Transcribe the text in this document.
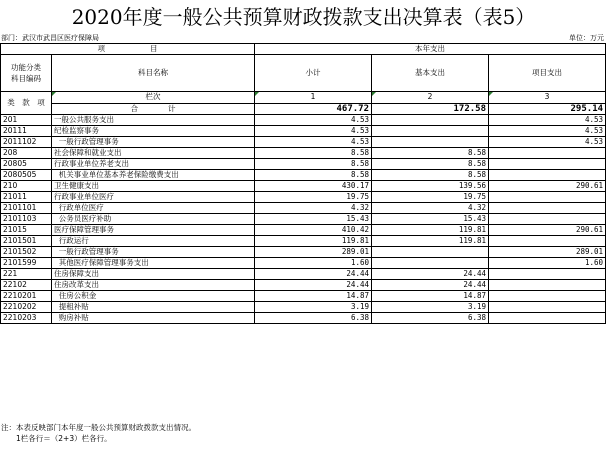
2020年度一般公共预算财政拨款支出决算表（表5）
部门：武汉市武昌区医疗保障局	单位：万元
项　　　　　　目		本年支出		
功能分类
科目编码	科目名称	小计	基本支出	项目支出
类 款 项	栏次	1	2	3
	合　　　　计	467.72	172.58	295.14
201	一般公共服务支出	4.53		4.53
20111	纪检监察事务	4.53		4.53
2011102	一般行政管理事务	4.53		4.53
208	社会保障和就业支出	8.58	8.58	
20805	行政事业单位养老支出	8.58	8.58	
2080505	机关事业单位基本养老保险缴费支出	8.58	8.58	
210	卫生健康支出	430.17	139.56	290.61
21011	行政事业单位医疗	19.75	19.75	
2101101	行政单位医疗	4.32	4.32	
2101103	公务员医疗补助	15.43	15.43	
21015	医疗保障管理事务	410.42	119.81	290.61
2101501	行政运行	119.81	119.81	
2101502	一般行政管理事务	289.01		289.01
2101599	其他医疗保障管理事务支出	1.60		1.60
221	住房保障支出	24.44	24.44	
22102	住房改革支出	24.44	24.44	
2210201	住房公积金	14.87	14.87	
2210202	提租补贴	3.19	3.19	
2210203	购房补贴	6.38	6.38	
注：本表反映部门本年度一般公共预算财政拨款支出情况。
　　1栏各行＝（2+3）栏各行。
